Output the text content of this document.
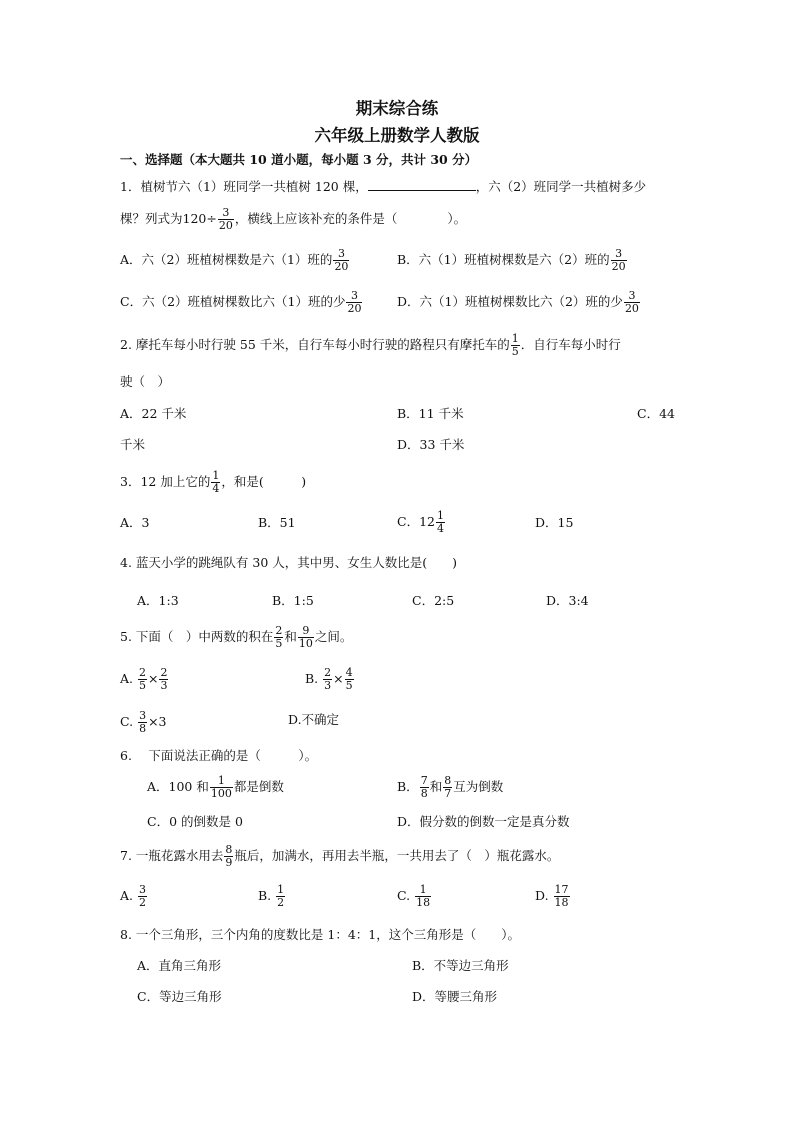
期末综合练
六年级上册数学人教版
一、选择题（本大题共 10 道小题，每小题 3 分，共计 30 分）
1．植树节六（1）班同学一共植树 120 棵，	，六（2）班同学一共植树多少
棵？列式为$120\div \frac{3}{20}$ ，横线上应该补充的条件是（　　　　）。
A．六（2）班植树棵数是六（1）班的 $\frac{3}{20}$	B．六（1）班植树棵数是六（2）班的 $\frac{3}{20}$
C．六（2）班植树棵数比六（1）班的少 $\frac{3}{20}$	D．六（1）班植树棵数比六（2）班的少 $\frac{3}{20}$
2. 摩托车每小时行驶 55 千米，自行车每小时行驶的路程只有摩托车的 $\frac{1}{5}$ ．自行车每小时行
驶（　）
A．22 千米	B．11 千米	C．44
千米	D．33 千米
3．12 加上它的 $\frac{1}{4}$ ，和是(　　　)
A．3	B．51	C．$12 \frac{1}{4}$	D．15
4. 蓝天小学的跳绳队有 30 人，其中男、女生人数比是(　　)
A．1:3	B．1:5	C．2:5	D．3:4
5. 下面（　）中两数的积在 $\frac{2}{5}$ 和 $\frac{9}{10}$ 之间。
A. $\frac{2}{5} \times \frac{2}{3}$	B. $\frac{2}{3} \times \frac{4}{5}$
C. $\frac{3}{8} \times 3$	D.不确定
6.　 下面说法正确的是（　　　）。
A．100 和 $\frac{1}{100}$ 都是倒数	B． $\frac{7}{8}$ 和 $\frac{8}{7}$ 互为倒数
C．0 的倒数是 0	D．假分数的倒数一定是真分数
7. 一瓶花露水用去 $\frac{8}{9}$ 瓶后，加满水，再用去半瓶，一共用去了（　）瓶花露水。
A. $\frac{3}{2}$	B. $\frac{1}{2}$	C. $\frac{1}{18}$	D. $\frac{17}{18}$
8. 一个三角形，三个内角的度数比是 1：4：1，这个三角形是（　　）。
A．直角三角形	B．不等边三角形
C．等边三角形	D．等腰三角形
